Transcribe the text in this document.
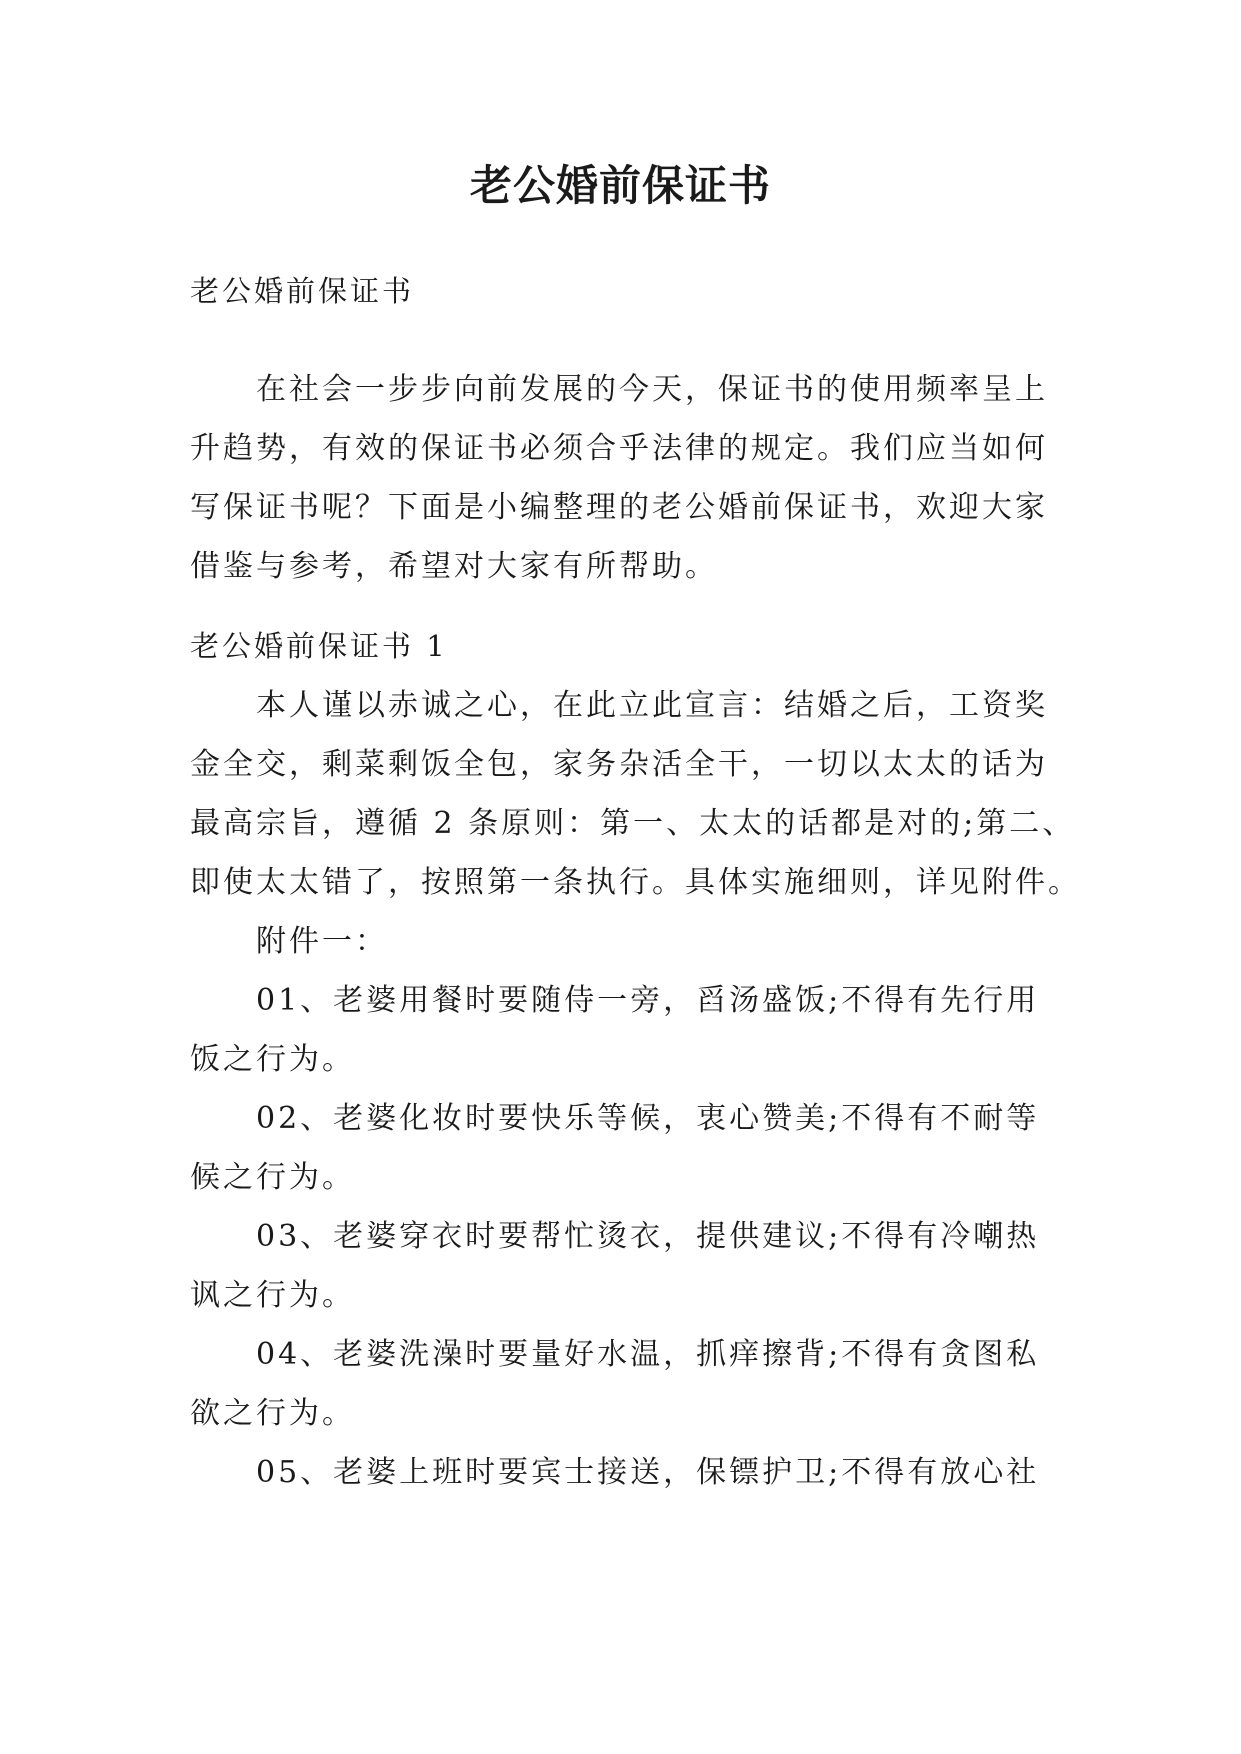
老公婚前保证书
老公婚前保证书
在社会一步步向前发展的今天，保证书的使用频率呈上
升趋势，有效的保证书必须合乎法律的规定。我们应当如何
写保证书呢？下面是小编整理的老公婚前保证书，欢迎大家
借鉴与参考，希望对大家有所帮助。
老公婚前保证书 1
本人谨以赤诚之心，在此立此宣言：结婚之后，工资奖
金全交，剩菜剩饭全包，家务杂活全干，一切以太太的话为
最高宗旨，遵循 2 条原则：第一、太太的话都是对的;第二、
即使太太错了，按照第一条执行。具体实施细则，详见附件。
附件一：
01、老婆用餐时要随侍一旁，舀汤盛饭;不得有先行用
饭之行为。
02、老婆化妆时要快乐等候，衷心赞美;不得有不耐等
候之行为。
03、老婆穿衣时要帮忙烫衣，提供建议;不得有冷嘲热
讽之行为。
04、老婆洗澡时要量好水温，抓痒擦背;不得有贪图私
欲之行为。
05、老婆上班时要宾士接送，保镖护卫;不得有放心社
